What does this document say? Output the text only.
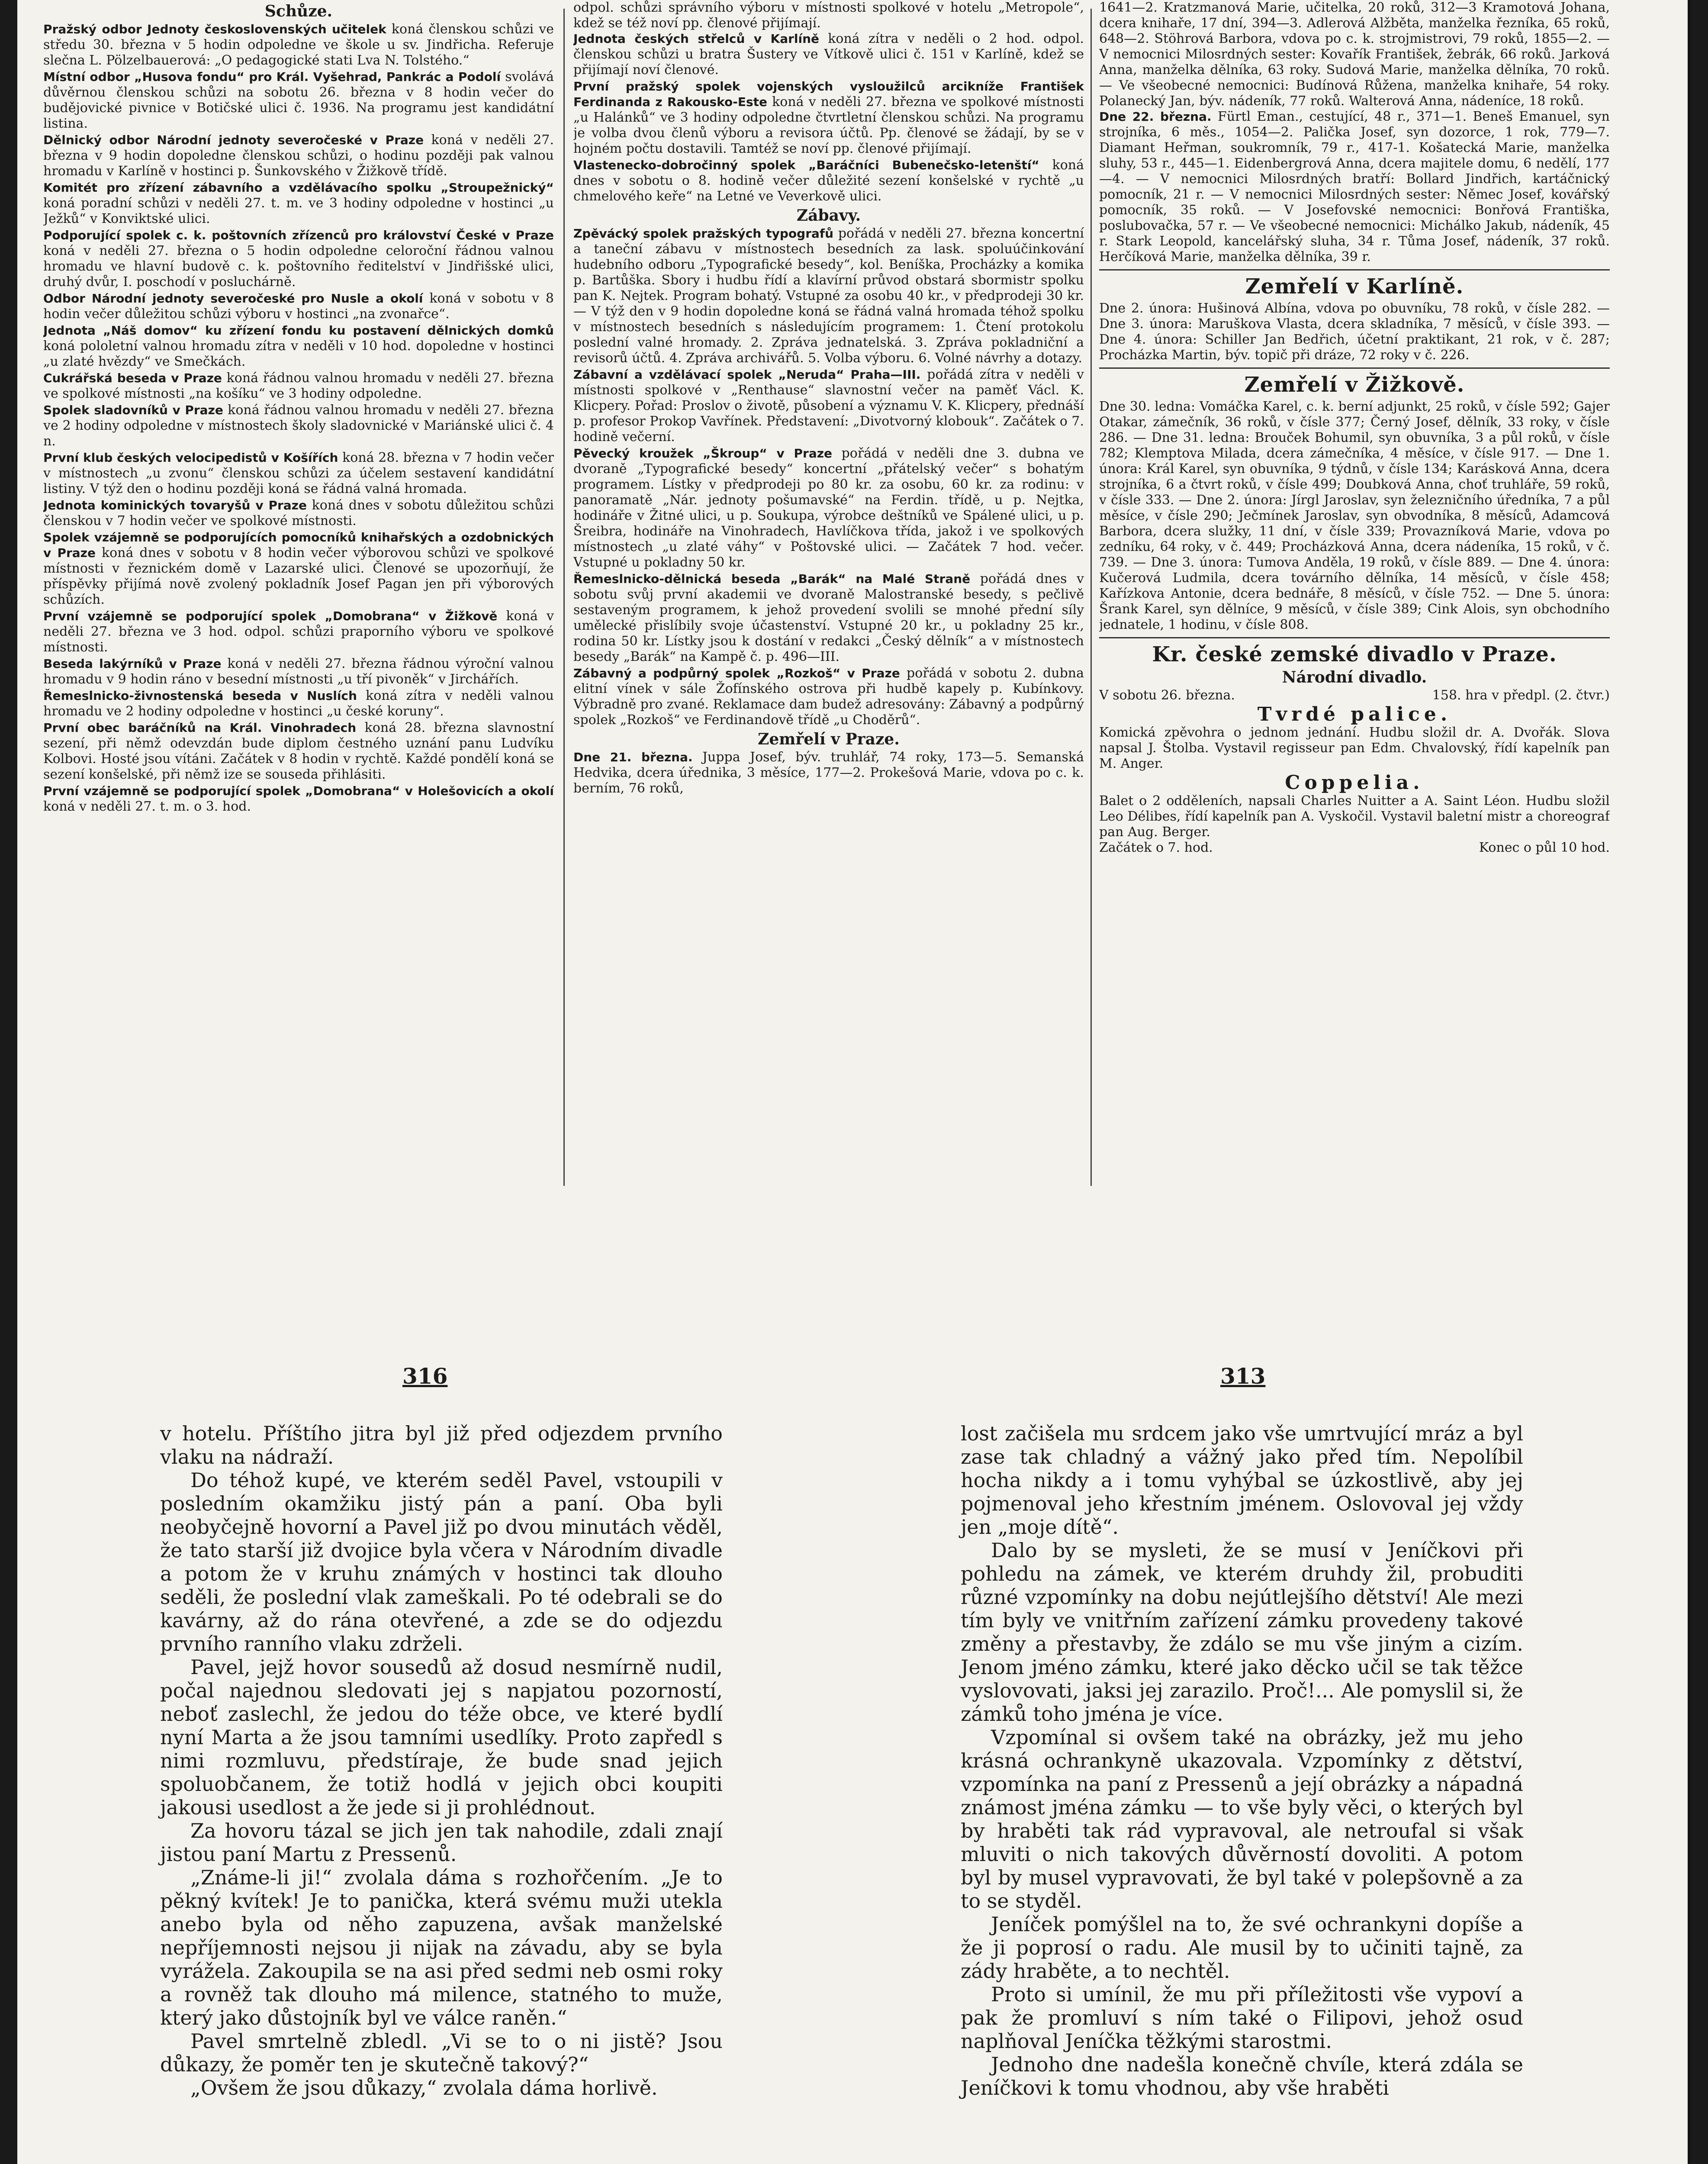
Schůze.

Pražský odbor Jednoty československých učitelek koná členskou schůzi ve středu 30. března v 5 hodin odpoledne ve škole u sv. Jindřicha. Referuje slečna L. Pölzelbauerová: „O pedagogické stati Lva N. Tolstého.“

Místní odbor „Husova fondu“ pro Král. Vyšehrad, Pankrác a Podolí svolává důvěrnou členskou schůzi na sobotu 26. března v 8 hodin večer do budějovické pivnice v Botičské ulici č. 1936. Na programu jest kandidátní listina.

Dělnický odbor Národní jednoty severočeské v Praze koná v neděli 27. března v 9 hodin dopoledne členskou schůzi, o hodinu později pak valnou hromadu v Karlíně v hostinci p. Šunkovského v Žižkově třídě.

Komitét pro zřízení zábavního a vzdělávacího spolku „Stroupežnický“ koná poradní schůzi v neděli 27. t. m. ve 3 hodiny odpoledne v hostinci „u Ježků“ v Konviktské ulici.

Podporující spolek c. k. poštovních zřízenců pro království České v Praze koná v neděli 27. března o 5 hodin odpoledne celoroční řádnou valnou hromadu ve hlavní budově c. k. poštovního ředitelství v Jindřišské ulici, druhý dvůr, I. poschodí v posluchárně.

Odbor Národní jednoty severočeské pro Nusle a okolí koná v sobotu v 8 hodin večer důležitou schůzi výboru v hostinci „na zvonařce“.

Jednota „Náš domov“ ku zřízení fondu ku postavení dělnických domků koná pololetní valnou hromadu zítra v neděli v 10 hod. dopoledne v hostinci „u zlaté hvězdy“ ve Smečkách.

Cukrářská beseda v Praze koná řádnou valnou hromadu v neděli 27. března ve spolkové místnosti „na košíku“ ve 3 hodiny odpoledne.

Spolek sladovníků v Praze koná řádnou valnou hromadu v neděli 27. března ve 2 hodiny odpoledne v místnostech školy sladovnické v Mariánské ulici č. 4 n.

První klub českých velocipedistů v Košířích koná 28. března v 7 hodin večer v místnostech „u zvonu“ členskou schůzi za účelem sestavení kandidátní listiny. V týž den o hodinu později koná se řádná valná hromada.

Jednota kominických tovaryšů v Praze koná dnes v sobotu důležitou schůzi členskou v 7 hodin večer ve spolkové místnosti.

Spolek vzájemně se podporujících pomocníků knihařských a ozdobnických v Praze koná dnes v sobotu v 8 hodin večer výborovou schůzi ve spolkové místnosti v řeznickém domě v Lazarské ulici. Členové se upozorňují, že příspěvky přijímá nově zvolený pokladník Josef Pagan jen při výborových schůzích.

První vzájemně se podporující spolek „Domobrana“ v Žižkově koná v neděli 27. března ve 3 hod. odpol. schůzi praporního výboru ve spolkové místnosti.

Beseda lakýrníků v Praze koná v neděli 27. března řádnou výroční valnou hromadu v 9 hodin ráno v besední místnosti „u tří pivoněk“ v Jirchářích.

Řemeslnicko-živnostenská beseda v Nuslích koná zítra v neděli valnou hromadu ve 2 hodiny odpoledne v hostinci „u české koruny“.

První obec baráčníků na Král. Vinohradech koná 28. března slavnostní sezení, při němž odevzdán bude diplom čestného uznání panu Ludvíku Kolbovi. Hosté jsou vítáni. Začátek v 8 hodin v rychtě. Každé pondělí koná se sezení konšelské, při němž ize se souseda přihlásiti.

První vzájemně se podporující spolek „Domobrana“ v Holešovicích a okolí koná v neděli 27. t. m. o 3. hod.

odpol. schůzi správního výboru v místnosti spolkové v hotelu „Metropole“, kdež se též noví pp. členové přijímají.

Jednota českých střelců v Karlíně koná zítra v neděli o 2 hod. odpol. členskou schůzi u bratra Šustery ve Vítkově ulici č. 151 v Karlíně, kdež se přijímají noví členové.

První pražský spolek vojenských vysloužilců arcikníže František Ferdinanda z Rakousko-Este koná v neděli 27. března ve spolkové místnosti „u Halánků“ ve 3 hodiny odpoledne čtvrtletní členskou schůzi. Na programu je volba dvou členů výboru a revisora účtů. Pp. členové se žádají, by se v hojném počtu dostavili. Tamtéž se noví pp. členové přijímají.

Vlastenecko-dobročinný spolek „Baráčníci Bubenečsko-letenští“ koná dnes v sobotu o 8. hodině večer důležité sezení konšelské v rychtě „u chmelového keře“ na Letné ve Veverkově ulici.

Zábavy.

Zpěvácký spolek pražských typografů pořádá v neděli 27. března koncertní a taneční zábavu v místnostech besedních za lask. spoluúčinkování hudebního odboru „Typografické besedy“, kol. Beníška, Procházky a komika p. Bartůška. Sbory i hudbu řídí a klavírní průvod obstará sbormistr spolku pan K. Nejtek. Program bohatý. Vstupné za osobu 40 kr., v předprodeji 30 kr. — V týž den v 9 hodin dopoledne koná se řádná valná hromada téhož spolku v místnostech besedních s následujícím programem: 1. Čtení protokolu poslední valné hromady. 2. Zpráva jednatelská. 3. Zpráva pokladniční a revisorů účtů. 4. Zpráva archivářů. 5. Volba výboru. 6. Volné návrhy a dotazy.

Zábavní a vzdělávací spolek „Neruda“ Praha—III. pořádá zítra v neděli v místnosti spolkové v „Renthause“ slavnostní večer na paměť Václ. K. Klicpery. Pořad: Proslov o životě, působení a významu V. K. Klicpery, přednáší p. profesor Prokop Vavřínek. Představení: „Divotvorný klobouk“. Začátek o 7. hodině večerní.

Pěvecký kroužek „Škroup“ v Praze pořádá v neděli dne 3. dubna ve dvoraně „Typografické besedy“ koncertní „přátelský večer“ s bohatým programem. Lístky v předprodeji po 80 kr. za osobu, 60 kr. za rodinu: v panoramatě „Nár. jednoty pošumavské“ na Ferdin. třídě, u p. Nejtka, hodináře v Žitné ulici, u p. Soukupa, výrobce deštníků ve Spálené ulici, u p. Šreibra, hodináře na Vinohradech, Havlíčkova třída, jakož i ve spolkových místnostech „u zlaté váhy“ v Poštovské ulici. — Začátek 7 hod. večer. Vstupné u pokladny 50 kr.

Řemeslnicko-dělnická beseda „Barák“ na Malé Straně pořádá dnes v sobotu svůj první akademii ve dvoraně Malostranské besedy, s pečlivě sestaveným programem, k jehož provedení svolili se mnohé přední síly umělecké přislíbily svoje účastenství. Vstupné 20 kr., u pokladny 25 kr., rodina 50 kr. Lístky jsou k dostání v redakci „Český dělník“ a v místnostech besedy „Barák“ na Kampě č. p. 496—III.

Zábavný a podpůrný spolek „Rozkoš“ v Praze pořádá v sobotu 2. dubna elitní vínek v sále Žofínského ostrova při hudbě kapely p. Kubínkovy. Výbradně pro zvané. Reklamace dam budež adresovány: Zábavný a podpůrný spolek „Rozkoš“ ve Ferdinandově třídě „u Choděrů“.

Zemřelí v Praze.

Dne 21. března. Juppa Josef, býv. truhlář, 74 roky, 173—5. Semanská Hedvika, dcera úřednika, 3 měsíce, 177—2. Prokešová Marie, vdova po c. k. berním, 76 roků,

1641—2. Kratzmanová Marie, učitelka, 20 roků, 312—3 Kramotová Johana, dcera knihaře, 17 dní, 394—3. Adlerová Alžběta, manželka řezníka, 65 roků, 648—2. Stöhrová Barbora, vdova po c. k. strojmistrovi, 79 roků, 1855—2. — V nemocnici Milosrdných sester: Kovařík František, žebrák, 66 roků. Jarková Anna, manželka dělníka, 63 roky. Sudová Marie, manželka dělníka, 70 roků. — Ve všeobecné nemocnici: Budínová Růžena, manželka knihaře, 54 roky. Polanecký Jan, býv. nádeník, 77 roků. Walterová Anna, nádeníce, 18 roků.

Dne 22. března. Fürtl Eman., cestující, 48 r., 371—1. Beneš Emanuel, syn strojníka, 6 měs., 1054—2. Palička Josef, syn dozorce, 1 rok, 779—7. Diamant Heřman, soukromník, 79 r., 417-1. Košatecká Marie, manželka sluhy, 53 r., 445—1. Eidenbergrová Anna, dcera majitele domu, 6 nedělí, 177—4. — V nemocnici Milosrdných bratří: Bollard Jindřich, kartáčnický pomocník, 21 r. — V nemocnici Milosrdných sester: Němec Josef, kovářský pomocník, 35 roků. — V Josefovské nemocnici: Bonřová Františka, poslubovačka, 57 r. — Ve všeobecné nemocnici: Michálko Jakub, nádeník, 45 r. Stark Leopold, kancelářský sluha, 34 r. Tůma Josef, nádeník, 37 roků. Herčíková Marie, manželka dělníka, 39 r.

Zemřelí v Karlíně.

Dne 2. února: Hušinová Albína, vdova po obuvníku, 78 roků, v čísle 282. — Dne 3. února: Maruškova Vlasta, dcera skladníka, 7 měsíců, v čísle 393. — Dne 4. února: Schiller Jan Bedřich, účetní praktikant, 21 rok, v č. 287; Procházka Martin, býv. topič při dráze, 72 roky v č. 226.

Zemřelí v Žižkově.

Dne 30. ledna: Vomáčka Karel, c. k. berní adjunkt, 25 roků, v čísle 592; Gajer Otakar, zámečník, 36 roků, v čísle 377; Černý Josef, dělník, 33 roky, v čísle 286. — Dne 31. ledna: Brouček Bohumil, syn obuvníka, 3 a půl roků, v čísle 782; Klemptova Milada, dcera zámečníka, 4 měsíce, v čísle 917. — Dne 1. února: Král Karel, syn obuvníka, 9 týdnů, v čísle 134; Karásková Anna, dcera strojníka, 6 a čtvrt roků, v čísle 499; Doubková Anna, choť truhláře, 59 roků, v čísle 333. — Dne 2. února: Jírgl Jaroslav, syn železničního úředníka, 7 a půl měsíce, v čísle 290; Ječmínek Jaroslav, syn obvodníka, 8 měsíců, Adamcová Barbora, dcera služky, 11 dní, v čísle 339; Provazníková Marie, vdova po zedníku, 64 roky, v č. 449; Procházková Anna, dcera nádeníka, 15 roků, v č. 739. — Dne 3. února: Tumova Anděla, 19 roků, v čísle 889. — Dne 4. února: Kučerová Ludmila, dcera továrního dělníka, 14 měsíců, v čísle 458; Kařízkova Antonie, dcera bednáře, 8 měsíců, v čísle 752. — Dne 5. února: Šrank Karel, syn dělníce, 9 měsíců, v čísle 389; Cink Alois, syn obchodního jednatele, 1 hodinu, v čísle 808.

Kr. české zemské divadlo v Praze.
Národní divadlo.
V sobotu 26. března.	158. hra v předpl. (2. čtvr.)
Tvrdé palice.

Komická zpěvohra o jednom jednání. Hudbu složil dr. A. Dvořák. Slova napsal J. Štolba. Vystavil regisseur pan Edm. Chvalovský, řídí kapelník pan M. Anger.

Coppelia.

Balet o 2 odděleních, napsali Charles Nuitter a A. Saint Léon. Hudbu složil Leo Délibes, řídí kapelník pan A. Vyskočil. Vystavil baletní mistr a choreograf pan Aug. Berger.

Začátek o 7. hod.	Konec o půl 10 hod.
316	313

v hotelu. Příštího jitra byl již před odjezdem prvního vlaku na nádraží.

Do téhož kupé, ve kterém seděl Pavel, vstoupili v posledním okamžiku jistý pán a paní. Oba byli neobyčejně hovorní a Pavel již po dvou minutách věděl, že tato starší již dvojice byla včera v Národním divadle a potom že v kruhu známých v hostinci tak dlouho seděli, že poslední vlak zameškali. Po té odebrali se do kavárny, až do rána otevřené, a zde se do odjezdu prvního ranního vlaku zdrželi.

Pavel, jejž hovor sousedů až dosud nesmírně nudil, počal najednou sledovati jej s napjatou pozorností, neboť zaslechl, že jedou do téže obce, ve které bydlí nyní Marta a že jsou tamními usedlíky. Proto zapředl s nimi rozmluvu, předstíraje, že bude snad jejich spoluobčanem, že totiž hodlá v jejich obci koupiti jakousi usedlost a že jede si ji prohlédnout.

Za hovoru tázal se jich jen tak nahodile, zdali znají jistou paní Martu z Pressenů.

„Známe-li ji!“ zvolala dáma s rozhořčením. „Je to pěkný kvítek! Je to panička, která svému muži utekla anebo byla od něho zapuzena, avšak manželské nepříjemnosti nejsou ji nijak na závadu, aby se byla vyrážela. Zakoupila se na asi před sedmi neb osmi roky a rovněž tak dlouho má milence, statného to muže, který jako důstojník byl ve válce raněn.“

Pavel smrtelně zbledl. „Vi se to o ni jistě? Jsou důkazy, že poměr ten je skutečně takový?“

„Ovšem že jsou důkazy,“ zvolala dáma horlivě.

lost začišela mu srdcem jako vše umrtvující mráz a byl zase tak chladný a vážný jako před tím. Nepolíbil hocha nikdy a i tomu vyhýbal se úzkostlivě, aby jej pojmenoval jeho křestním jménem. Oslovoval jej vždy jen „moje dítě“.

Dalo by se mysleti, že se musí v Jeníčkovi při pohledu na zámek, ve kterém druhdy žil, probuditi různé vzpomínky na dobu nejútlejšího dětství! Ale mezi tím byly ve vnitřním zařízení zámku provedeny takové změny a přestavby, že zdálo se mu vše jiným a cizím. Jenom jméno zámku, které jako děcko učil se tak těžce vyslovovati, jaksi jej zarazilo. Proč!... Ale pomyslil si, že zámků toho jména je více.

Vzpomínal si ovšem také na obrázky, jež mu jeho krásná ochrankyně ukazovala. Vzpomínky z dětství, vzpomínka na paní z Pressenů a její obrázky a nápadná známost jména zámku — to vše byly věci, o kterých byl by hraběti tak rád vypravoval, ale netroufal si však mluviti o nich takových důvěrností dovoliti. A potom byl by musel vypravovati, že byl také v polepšovně a za to se styděl.

Jeníček pomýšlel na to, že své ochrankyni dopíše a že ji poprosí o radu. Ale musil by to učiniti tajně, za zády hraběte, a to nechtěl.

Proto si umínil, že mu při příležitosti vše vypoví a pak že promluví s ním také o Filipovi, jehož osud naplňoval Jeníčka těžkými starostmi.

Jednoho dne nadešla konečně chvíle, která zdála se Jeníčkovi k tomu vhodnou, aby vše hraběti
